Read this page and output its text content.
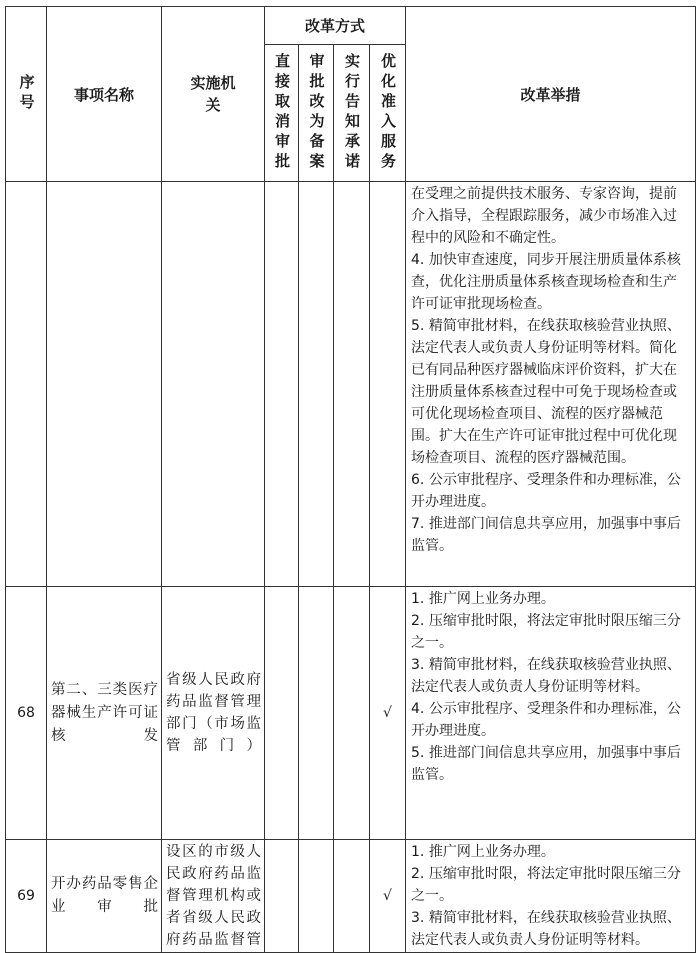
序号	事项名称	实施机关	改革方式				改革举措

			直接取消审批	审批改为备案	实行告知承诺	优化准入服务	

							在受理之前提供技术服务、专家咨询，提前介入指导，全程跟踪服务，减少市场准入过程中的风险和不确定性。

4. 加快审查速度，同步开展注册质量体系核查，优化注册质量体系核查现场检查和生产许可证审批现场检查。

5. 精简审批材料，在线获取核验营业执照、法定代表人或负责人身份证明等材料。简化已有同品种医疗器械临床评价资料，扩大在注册质量体系核查过程中可免于现场检查或可优化现场检查项目、流程的医疗器械范围。扩大在生产许可证审批过程中可优化现场检查项目、流程的医疗器械范围。

6. 公示审批程序、受理条件和办理标准，公开办理进度。

7. 推进部门间信息共享应用，加强事中事后监管。

68	第二、三类医疗器械生产许可证核发	省级人民政府药品监督管理部门（市场监管部门）				√	1. 推广网上业务办理。

2. 压缩审批时限，将法定审批时限压缩三分之一。

3. 精简审批材料，在线获取核验营业执照、法定代表人或负责人身份证明等材料。

4. 公示审批程序、受理条件和办理标准，公开办理进度。

5. 推进部门间信息共享应用，加强事中事后监管。

69	开办药品零售企业审批	设区的市级人民政府药品监督管理机构或者省级人民政府药品监督管				√	1. 推广网上业务办理。

2. 压缩审批时限，将法定审批时限压缩三分之一。

3. 精简审批材料，在线获取核验营业执照、法定代表人或负责人身份证明等材料。
